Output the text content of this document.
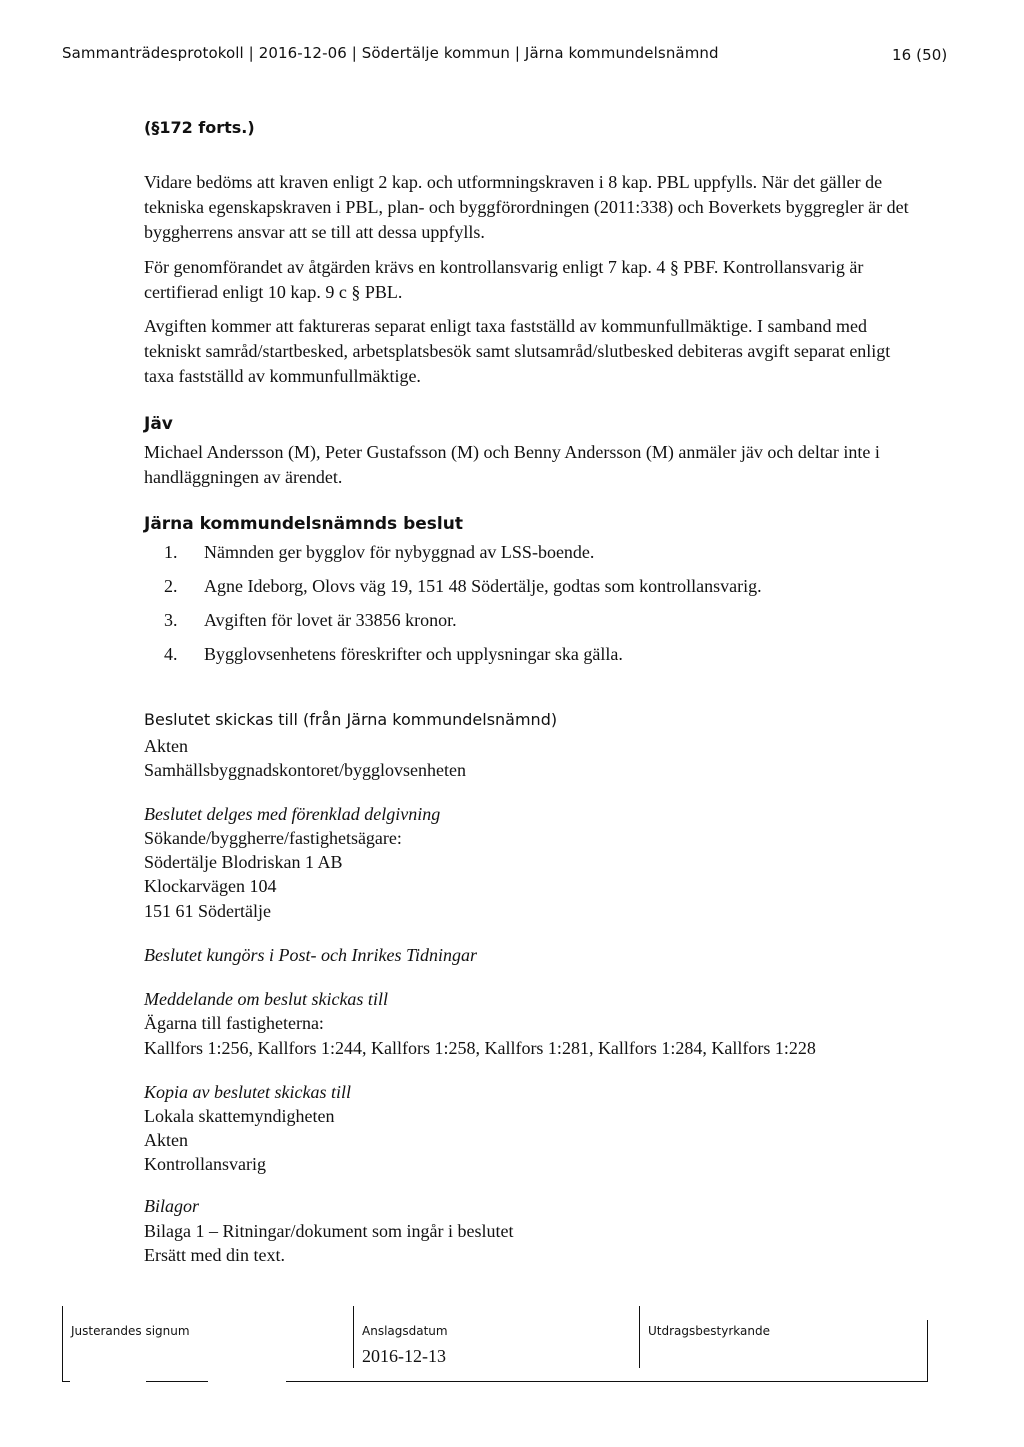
Sammanträdesprotokoll | 2016-12-06 | Södertälje kommun | Järna kommundelsnämnd	16 (50)
(§172 forts.)

Vidare bedöms att kraven enligt 2 kap. och utformningskraven i 8 kap. PBL uppfylls. När det gäller de tekniska egenskapskraven i PBL, plan- och byggförordningen (2011:338) och Boverkets byggregler är det byggherrens ansvar att se till att dessa uppfylls.

För genomförandet av åtgärden krävs en kontrollansvarig enligt 7 kap. 4 § PBF. Kontrollansvarig är certifierad enligt 10 kap. 9 c § PBL.

Avgiften kommer att faktureras separat enligt taxa fastställd av kommunfullmäktige. I samband med tekniskt samråd/startbesked, arbetsplatsbesök samt slutsamråd/slutbesked debiteras avgift separat enligt taxa fastställd av kommunfullmäktige.

Jäv

Michael Andersson (M), Peter Gustafsson (M) och Benny Andersson (M) anmäler jäv och deltar inte i handläggningen av ärendet.

Järna kommundelsnämnds beslut
1. Nämnden ger bygglov för nybyggnad av LSS-boende.
2. Agne Ideborg, Olovs väg 19, 151 48 Södertälje, godtas som kontrollansvarig.
3. Avgiften för lovet är 33856 kronor.
4. Bygglovsenhetens föreskrifter och upplysningar ska gälla.
Beslutet skickas till (från Järna kommundelsnämnd)
Akten
Samhällsbyggnadskontoret/bygglovsenheten
Beslutet delges med förenklad delgivning
Sökande/byggherre/fastighetsägare:
Södertälje Blodriskan 1 AB
Klockarvägen 104
151 61 Södertälje
Beslutet kungörs i Post- och Inrikes Tidningar
Meddelande om beslut skickas till
Ägarna till fastigheterna:
Kallfors 1:256, Kallfors 1:244, Kallfors 1:258, Kallfors 1:281, Kallfors 1:284, Kallfors 1:228
Kopia av beslutet skickas till
Lokala skattemyndigheten
Akten
Kontrollansvarig
Bilagor
Bilaga 1 – Ritningar/dokument som ingår i beslutet
Ersätt med din text.
Justerandes signum	Anslagsdatum
2016-12-13
Utdragsbestyrkande
